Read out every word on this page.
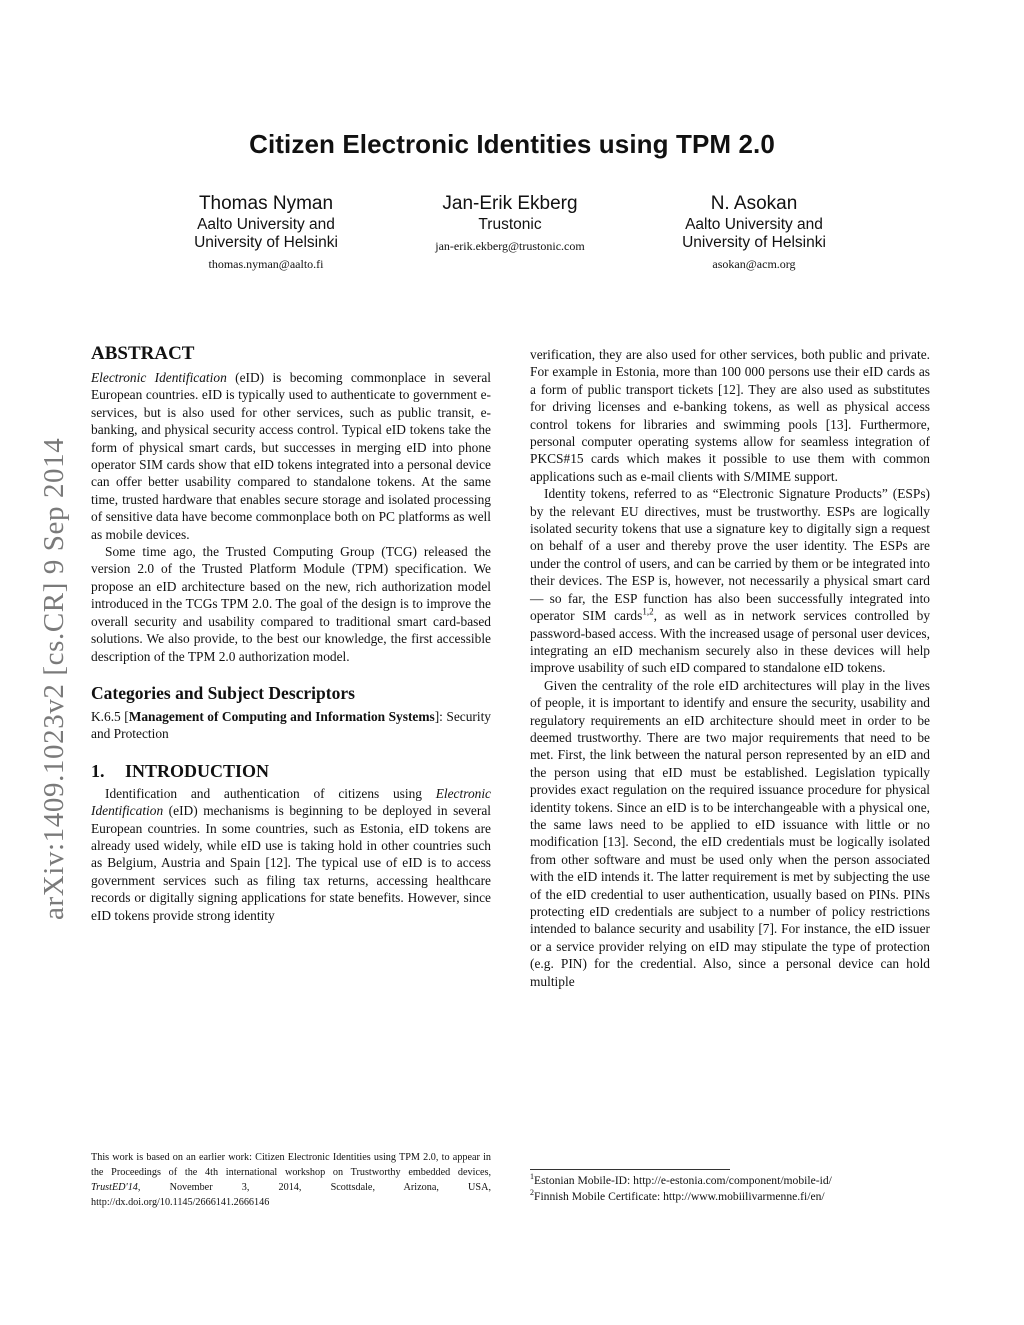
Citizen Electronic Identities using TPM 2.0
Thomas Nyman
Aalto University and
University of Helsinki
thomas.nyman@aalto.fi
Jan-Erik Ekberg
Trustonic
jan-erik.ekberg@trustonic.com
N. Asokan
Aalto University and
University of Helsinki
asokan@acm.org
arXiv:1409.1023v2 [cs.CR] 9 Sep 2014
ABSTRACT

Electronic Identification (eID) is becoming commonplace in several European countries. eID is typically used to authenticate to government e-services, but is also used for other services, such as public transit, e-banking, and physical security access control. Typical eID tokens take the form of physical smart cards, but successes in merging eID into phone operator SIM cards show that eID tokens integrated into a personal device can offer better usability compared to standalone tokens. At the same time, trusted hardware that enables secure storage and isolated processing of sensitive data have become commonplace both on PC platforms as well as mobile devices.

Some time ago, the Trusted Computing Group (TCG) released the version 2.0 of the Trusted Platform Module (TPM) specification. We propose an eID architecture based on the new, rich authorization model introduced in the TCGs TPM 2.0. The goal of the design is to improve the overall security and usability compared to traditional smart card-based solutions. We also provide, to the best our knowledge, the first accessible description of the TPM 2.0 authorization model.

Categories and Subject Descriptors

K.6.5 [Management of Computing and Information Systems]: Security and Protection

1. INTRODUCTION

Identification and authentication of citizens using Electronic Identification (eID) mechanisms is beginning to be deployed in several European countries. In some countries, such as Estonia, eID tokens are already used widely, while eID use is taking hold in other countries such as Belgium, Austria and Spain [12]. The typical use of eID is to access government services such as filing tax returns, accessing healthcare records or digitally signing applications for state benefits. However, since eID tokens provide strong identity

verification, they are also used for other services, both public and private. For example in Estonia, more than 100 000 persons use their eID cards as a form of public transport tickets [12]. They are also used as substitutes for driving licenses and e-banking tokens, as well as physical access control tokens for libraries and swimming pools [13]. Furthermore, personal computer operating systems allow for seamless integration of PKCS#15 cards which makes it possible to use them with common applications such as e-mail clients with S/MIME support.

Identity tokens, referred to as “Electronic Signature Products” (ESPs) by the relevant EU directives, must be trustworthy. ESPs are logically isolated security tokens that use a signature key to digitally sign a request on behalf of a user and thereby prove the user identity. The ESPs are under the control of users, and can be carried by them or be integrated into their devices. The ESP is, however, not necessarily a physical smart card — so far, the ESP function has also been successfully integrated into operator SIM cards$^{1,2}$, as well as in network services controlled by password-based access. With the increased usage of personal user devices, integrating an eID mechanism securely also in these devices will help improve usability of such eID compared to standalone eID tokens.

Given the centrality of the role eID architectures will play in the lives of people, it is important to identify and ensure the security, usability and regulatory requirements an eID architecture should meet in order to be deemed trustworthy. There are two major requirements that need to be met. First, the link between the natural person represented by an eID and the person using that eID must be established. Legislation typically provides exact regulation on the required issuance procedure for physical identity tokens. Since an eID is to be interchangeable with a physical one, the same laws need to be applied to eID issuance with little or no modification [13]. Second, the eID credentials must be logically isolated from other software and must be used only when the person associated with the eID intends it. The latter requirement is met by subjecting the use of the eID credential to user authentication, usually based on PINs. PINs protecting eID credentials are subject to a number of policy restrictions intended to balance security and usability [7]. For instance, the eID issuer or a service provider relying on eID may stipulate the type of protection (e.g. PIN) for the credential. Also, since a personal device can hold multiple

This work is based on an earlier work: Citizen Electronic Identities using TPM 2.0, to appear in the Proceedings of the 4th international workshop on Trustworthy embedded devices, TrustED'14, November 3, 2014, Scottsdale, Arizona, USA, http://dx.doi.org/10.1145/2666141.2666146
$^1$Estonian Mobile-ID: http://e-estonia.com/component/mobile-id/
$^2$Finnish Mobile Certificate: http://www.mobiilivarmenne.fi/en/
